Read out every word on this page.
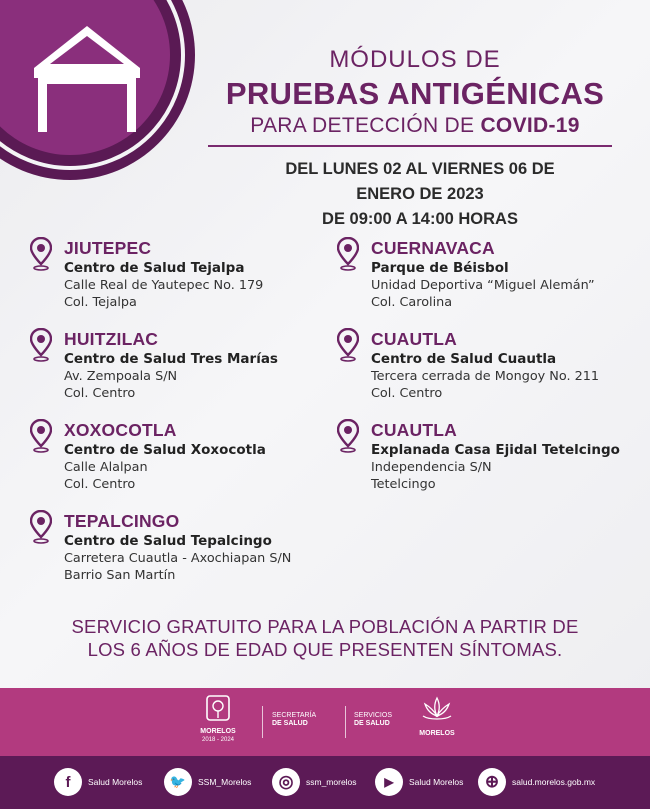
MÓDULOS DE
PRUEBAS ANTIGÉNICAS
PARA DETECCIÓN DE COVID-19
DEL LUNES 02 AL VIERNES 06 DE
ENERO DE 2023
DE 09:00 A 14:00 HORAS
JIUTEPEC
Centro de Salud Tejalpa
Calle Real de Yautepec No. 179
Col. Tejalpa
HUITZILAC
Centro de Salud Tres Marías
Av. Zempoala S/N
Col. Centro
XOXOCOTLA
Centro de Salud Xoxocotla
Calle Alalpan
Col. Centro
TEPALCINGO
Centro de Salud Tepalcingo
Carretera Cuautla - Axochiapan S/N
Barrio San Martín
CUERNAVACA
Parque de Béisbol
Unidad Deportiva “Miguel Alemán”
Col. Carolina
CUAUTLA
Centro de Salud Cuautla
Tercera cerrada de Mongoy No. 211
Col. Centro
CUAUTLA
Explanada Casa Ejidal Tetelcingo
Independencia S/N
Tetelcingo
SERVICIO GRATUITO PARA LA POBLACIÓN A PARTIR DE
LOS 6 AÑOS DE EDAD QUE PRESENTEN SÍNTOMAS.
MORELOS
2018 - 2024
SECRETARÍA
DE SALUD
SERVICIOS
DE SALUD
MORELOS
f	Salud Morelos	🐦	SSM_Morelos	◎	ssm_morelos	▶	Salud Morelos	⊕	salud.morelos.gob.mx
